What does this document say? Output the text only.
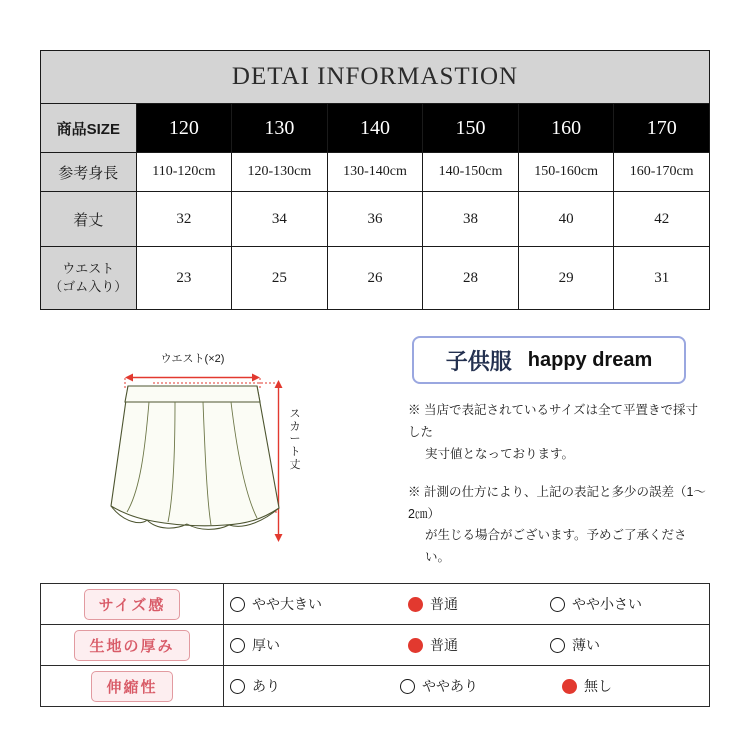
DETAI INFORMASTION						
商品SIZE	120	130	140	150	160	170
参考身長	110-120cm	120-130cm	130-140cm	140-150cm	150-160cm	160-170cm
着丈	32	34	36	38	40	42
ウエスト
（ゴム入り）	23	25	26	28	29	31
ウエスト(×2)
スカート丈
子供服 happy dream

※ 当店で表記されているサイズは全て平置きで採寸した
実寸値となっております。

※ 計測の仕方により、上記の表記と多少の誤差（1～2㎝）
が生じる場合がございます。予めご了承ください。

サイズ感	やや大きい 普通 やや小さい

生地の厚み	厚い 普通 薄い

伸縮性	あり ややあり 無し
